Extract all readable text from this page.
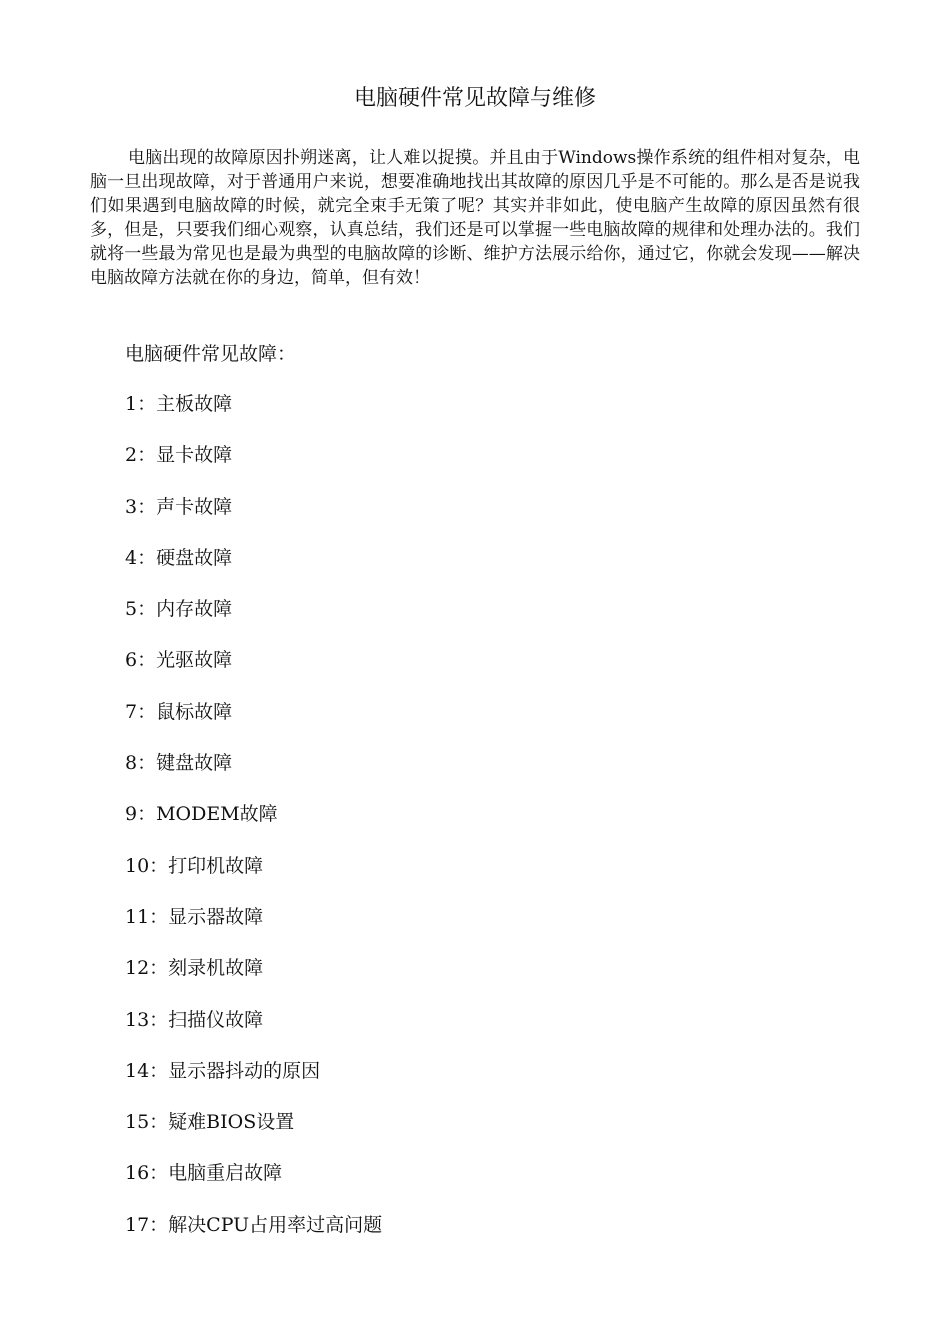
电脑硬件常见故障与维修

电脑出现的故障原因扑朔迷离，让人难以捉摸。并且由于Windows操作系统的组件相对复杂，电脑一旦出现故障，对于普通用户来说，想要准确地找出其故障的原因几乎是不可能的。那么是否是说我们如果遇到电脑故障的时候，就完全束手无策了呢？其实并非如此，使电脑产生故障的原因虽然有很多，但是，只要我们细心观察，认真总结，我们还是可以掌握一些电脑故障的规律和处理办法的。我们就将一些最为常见也是最为典型的电脑故障的诊断、维护方法展示给你，通过它，你就会发现——解决电脑故障方法就在你的身边，简单，但有效！

电脑硬件常见故障：
1：主板故障
2：显卡故障
3：声卡故障
4：硬盘故障
5：内存故障
6：光驱故障
7：鼠标故障
8：键盘故障
9：MODEM故障
10：打印机故障
11：显示器故障
12：刻录机故障
13：扫描仪故障
14：显示器抖动的原因
15：疑难BIOS设置
16：电脑重启故障
17：解决CPU占用率过高问题
